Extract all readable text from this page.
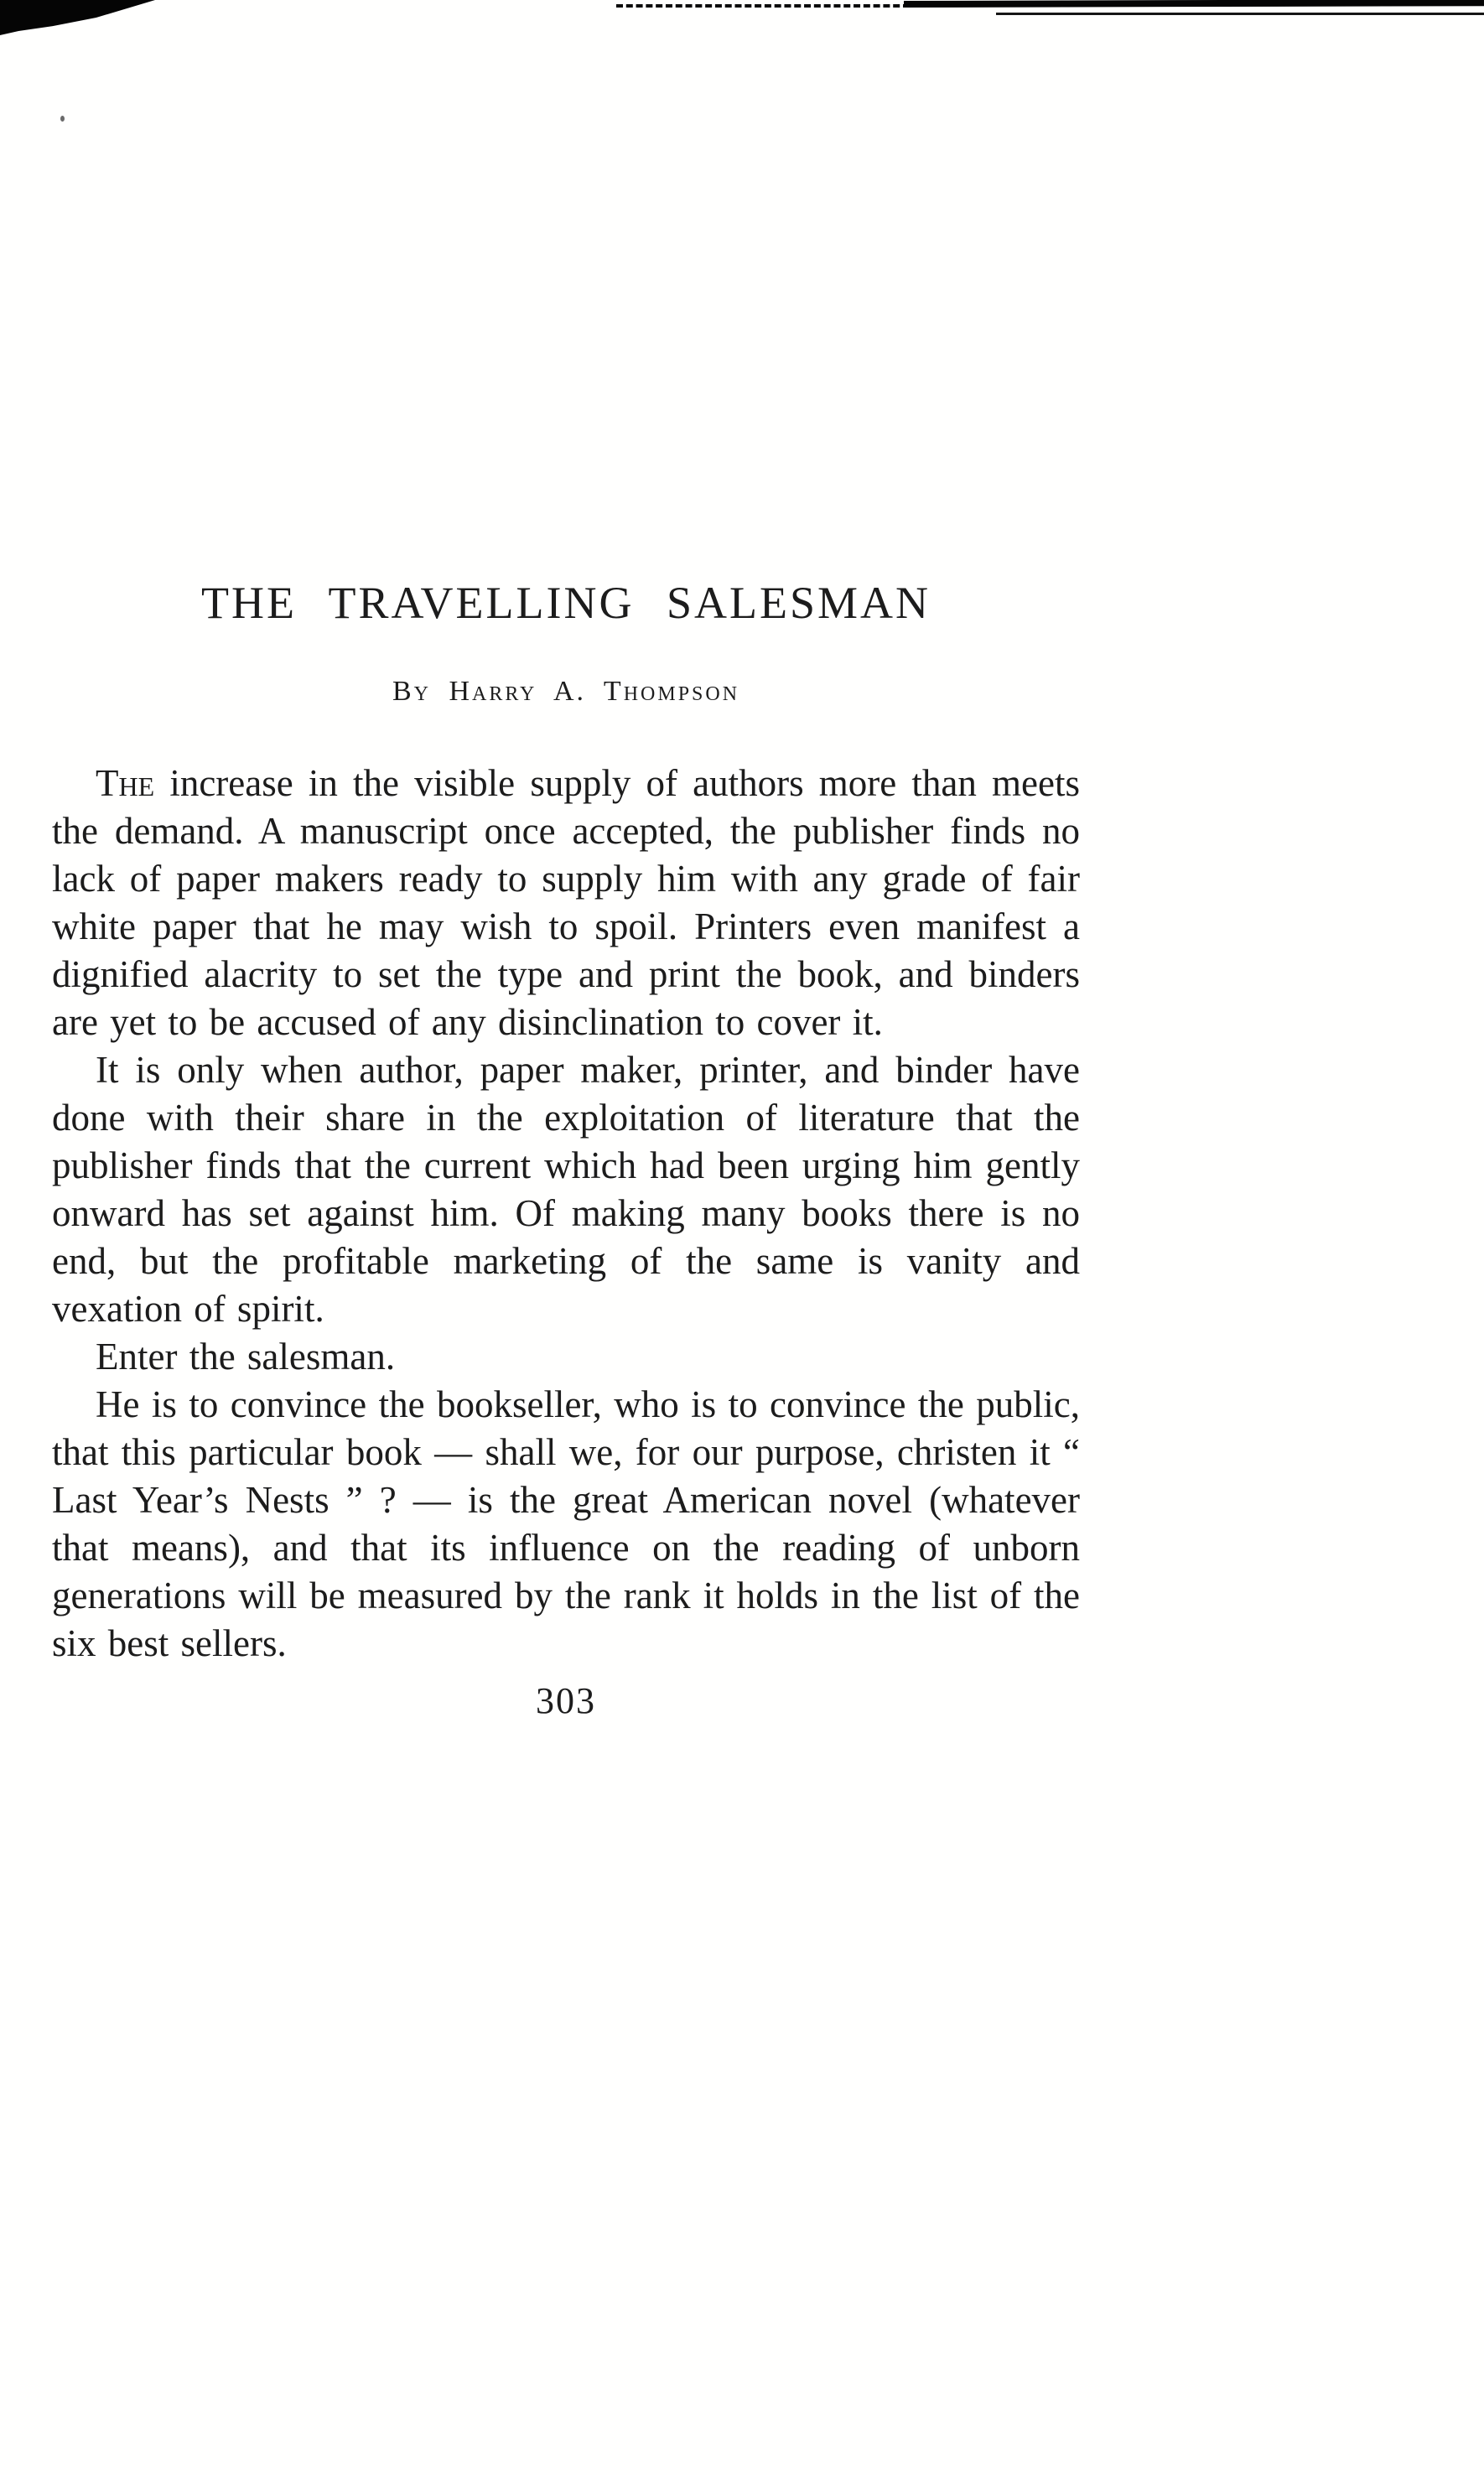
THE TRAVELLING SALESMAN
By Harry A. Thompson

The increase in the visible supply of authors more than meets the demand. A manuscript once accepted, the publisher finds no lack of paper makers ready to supply him with any grade of fair white paper that he may wish to spoil. Printers even manifest a dignified alacrity to set the type and print the book, and binders are yet to be accused of any disinclination to cover it.

It is only when author, paper maker, printer, and binder have done with their share in the exploitation of literature that the publisher finds that the current which had been urging him gently onward has set against him. Of making many books there is no end, but the profitable marketing of the same is vanity and vexation of spirit.

Enter the salesman.

He is to convince the bookseller, who is to convince the public, that this particular book — shall we, for our purpose, christen it “ Last Year’s Nests ” ? — is the great American novel (whatever that means), and that its influence on the reading of unborn generations will be measured by the rank it holds in the list of the six best sellers.

303
